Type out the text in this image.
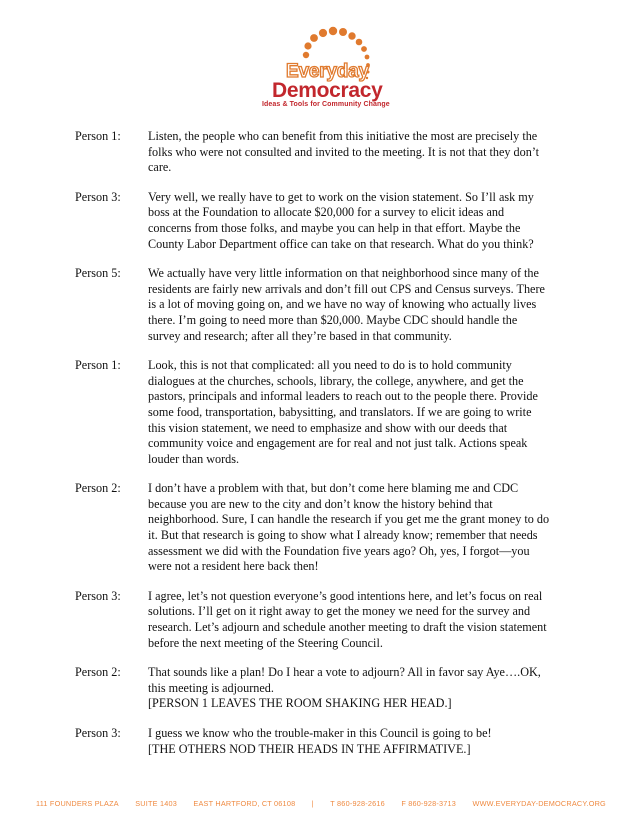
Everyday
Democracy
Ideas & Tools for Community Change
Person 1:	Listen, the people who can benefit from this initiative the most are precisely the
folks who were not consulted and invited to the meeting. It is not that they don’t
care.
Person 3:	Very well, we really have to get to work on the vision statement. So I’ll ask my
boss at the Foundation to allocate $20,000 for a survey to elicit ideas and
concerns from those folks, and maybe you can help in that effort. Maybe the
County Labor Department office can take on that research. What do you think?
Person 5:	We actually have very little information on that neighborhood since many of the
residents are fairly new arrivals and don’t fill out CPS and Census surveys. There
is a lot of moving going on, and we have no way of knowing who actually lives
there. I’m going to need more than $20,000. Maybe CDC should handle the
survey and research; after all they’re based in that community.
Person 1:	Look, this is not that complicated: all you need to do is to hold community
dialogues at the churches, schools, library, the college, anywhere, and get the
pastors, principals and informal leaders to reach out to the people there. Provide
some food, transportation, babysitting, and translators. If we are going to write
this vision statement, we need to emphasize and show with our deeds that
community voice and engagement are for real and not just talk. Actions speak
louder than words.
Person 2:	I don’t have a problem with that, but don’t come here blaming me and CDC
because you are new to the city and don’t know the history behind that
neighborhood. Sure, I can handle the research if you get me the grant money to do
it. But that research is going to show what I already know; remember that needs
assessment we did with the Foundation five years ago? Oh, yes, I forgot—you
were not a resident here back then!
Person 3:	I agree, let’s not question everyone’s good intentions here, and let’s focus on real
solutions. I’ll get on it right away to get the money we need for the survey and
research. Let’s adjourn and schedule another meeting to draft the vision statement
before the next meeting of the Steering Council.
Person 2:	That sounds like a plan! Do I hear a vote to adjourn? All in favor say Aye….OK,
this meeting is adjourned.
[PERSON 1 LEAVES THE ROOM SHAKING HER HEAD.]
Person 3:	I guess we know who the trouble-maker in this Council is going to be!
[THE OTHERS NOD THEIR HEADS IN THE AFFIRMATIVE.]
111 FOUNDERS PLAZA SUITE 1403 EAST HARTFORD, CT 06108 | T 860-928-2616 F 860-928-3713 WWW.EVERYDAY-DEMOCRACY.ORG
